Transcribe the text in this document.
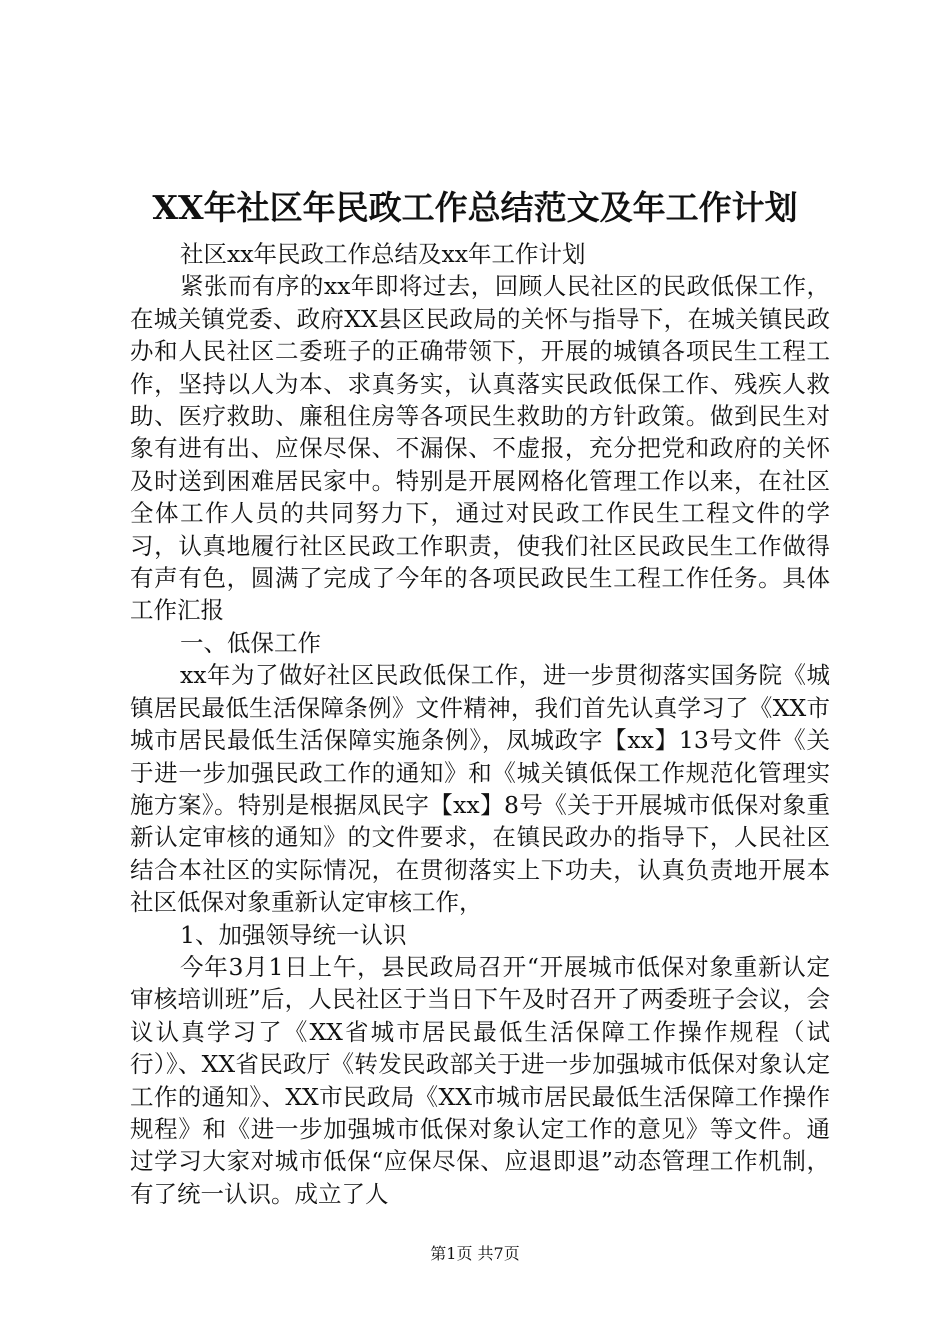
XX年社区年民政工作总结范文及年工作计划

社区xx年民政工作总结及xx年工作计划

紧张而有序的xx年即将过去，回顾人民社区的民政低保工作，在城关镇党委、政府XX县区民政局的关怀与指导下，在城关镇民政办和人民社区二委班子的正确带领下，开展的城镇各项民生工程工作，坚持以人为本、求真务实，认真落实民政低保工作、残疾人救助、医疗救助、廉租住房等各项民生救助的方针政策。做到民生对象有进有出、应保尽保、不漏保、不虚报，充分把党和政府的关怀及时送到困难居民家中。特别是开展网格化管理工作以来，在社区全体工作人员的共同努力下，通过对民政工作民生工程文件的学习，认真地履行社区民政工作职责，使我们社区民政民生工作做得有声有色，圆满了完成了今年的各项民政民生工程工作任务。具体工作汇报

一、低保工作

xx年为了做好社区民政低保工作，进一步贯彻落实国务院《城镇居民最低生活保障条例》文件精神，我们首先认真学习了《XX市城市居民最低生活保障实施条例》，凤城政字【xx】13号文件《关于进一步加强民政工作的通知》和《城关镇低保工作规范化管理实施方案》。特别是根据凤民字【xx】8号《关于开展城市低保对象重新认定审核的通知》的文件要求，在镇民政办的指导下，人民社区结合本社区的实际情况，在贯彻落实上下功夫，认真负责地开展本社区低保对象重新认定审核工作，

1、加强领导统一认识

今年3月1日上午，县民政局召开“开展城市低保对象重新认定审核培训班”后，人民社区于当日下午及时召开了两委班子会议，会议认真学习了《XX省城市居民最低生活保障工作操作规程（试行）》、XX省民政厅《转发民政部关于进一步加强城市低保对象认定工作的通知》、XX市民政局《XX市城市居民最低生活保障工作操作规程》和《进一步加强城市低保对象认定工作的意见》等文件。通过学习大家对城市低保“应保尽保、应退即退”动态管理工作机制，有了统一认识。成立了人

第1页 共7页
